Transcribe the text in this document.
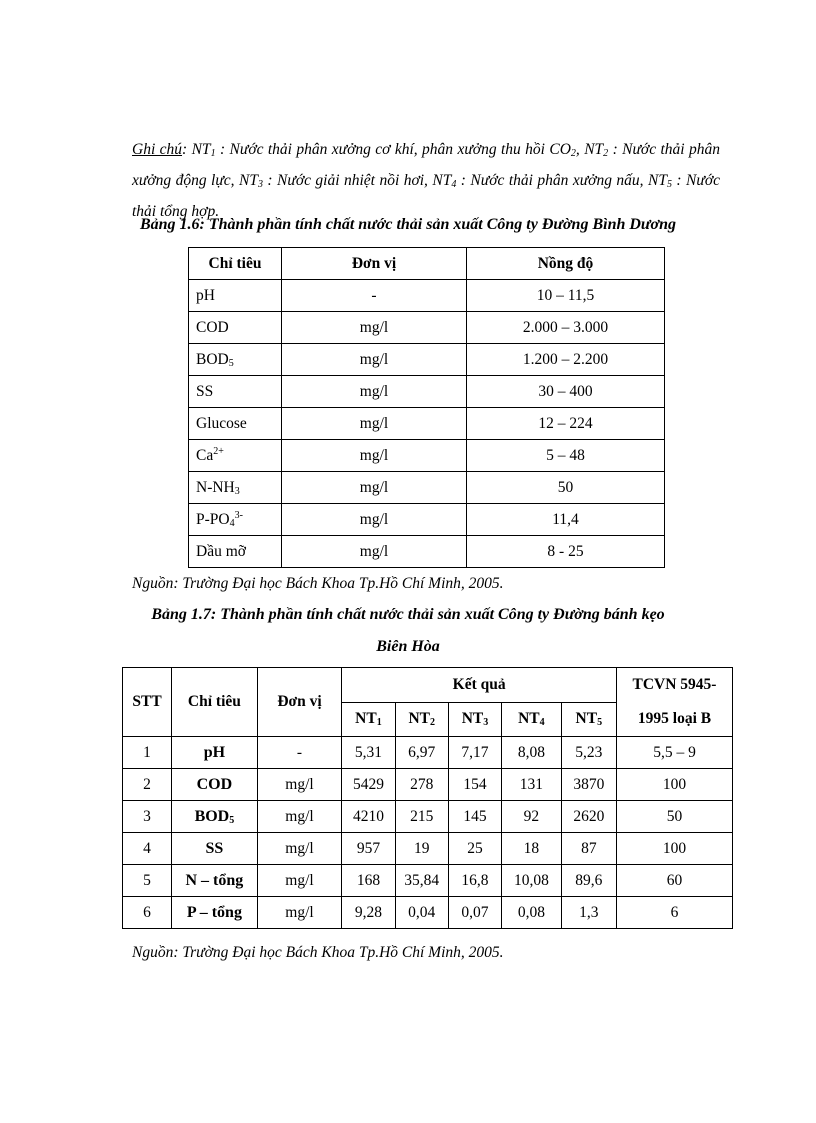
Ghi chú: $NT_1$ : Nước thải phân xưởng cơ khí, phân xưởng thu hồi $CO_2$, $NT_2$ : Nước thải phân xưởng động lực, $NT_3$ : Nước giải nhiệt nồi hơi, $NT_4$ : Nước thải phân xưởng nấu, $NT_5$ : Nước thải tổng hợp.

Bảng 1.6: Thành phần tính chất nước thải sản xuất Công ty Đường Bình Dương
Chỉ tiêu	Đơn vị	Nồng độ
pH	-	10 – 11,5
COD	mg/l	2.000 – 3.000
$BOD_5$	mg/l	1.200 – 2.200
SS	mg/l	30 – 400
Glucose	mg/l	12 – 224
$Ca^{2+}$	mg/l	5 – 48
$N-NH_3$	mg/l	50
$P-PO_4^{3-}$	mg/l	11,4
Dầu mỡ	mg/l	8 - 25
Nguồn: Trường Đại học Bách Khoa Tp.Hồ Chí Minh, 2005.
Bảng 1.7: Thành phần tính chất nước thải sản xuất Công ty Đường bánh kẹo
Biên Hòa
STT	Chỉ tiêu	Đơn vị	Kết quả					TCVN 5945-
1995 loại B
			$NT_1$	$NT_2$	$NT_3$	$NT_4$	$NT_5$
1	pH	-	5,31	6,97	7,17	8,08	5,23	5,5 – 9
2	COD	mg/l	5429	278	154	131	3870	100
3	$BOD_5$	mg/l	4210	215	145	92	2620	50
4	SS	mg/l	957	19	25	18	87	100
5	N – tổng	mg/l	168	35,84	16,8	10,08	89,6	60
6	P – tổng	mg/l	9,28	0,04	0,07	0,08	1,3	6
Nguồn: Trường Đại học Bách Khoa Tp.Hồ Chí Minh, 2005.
